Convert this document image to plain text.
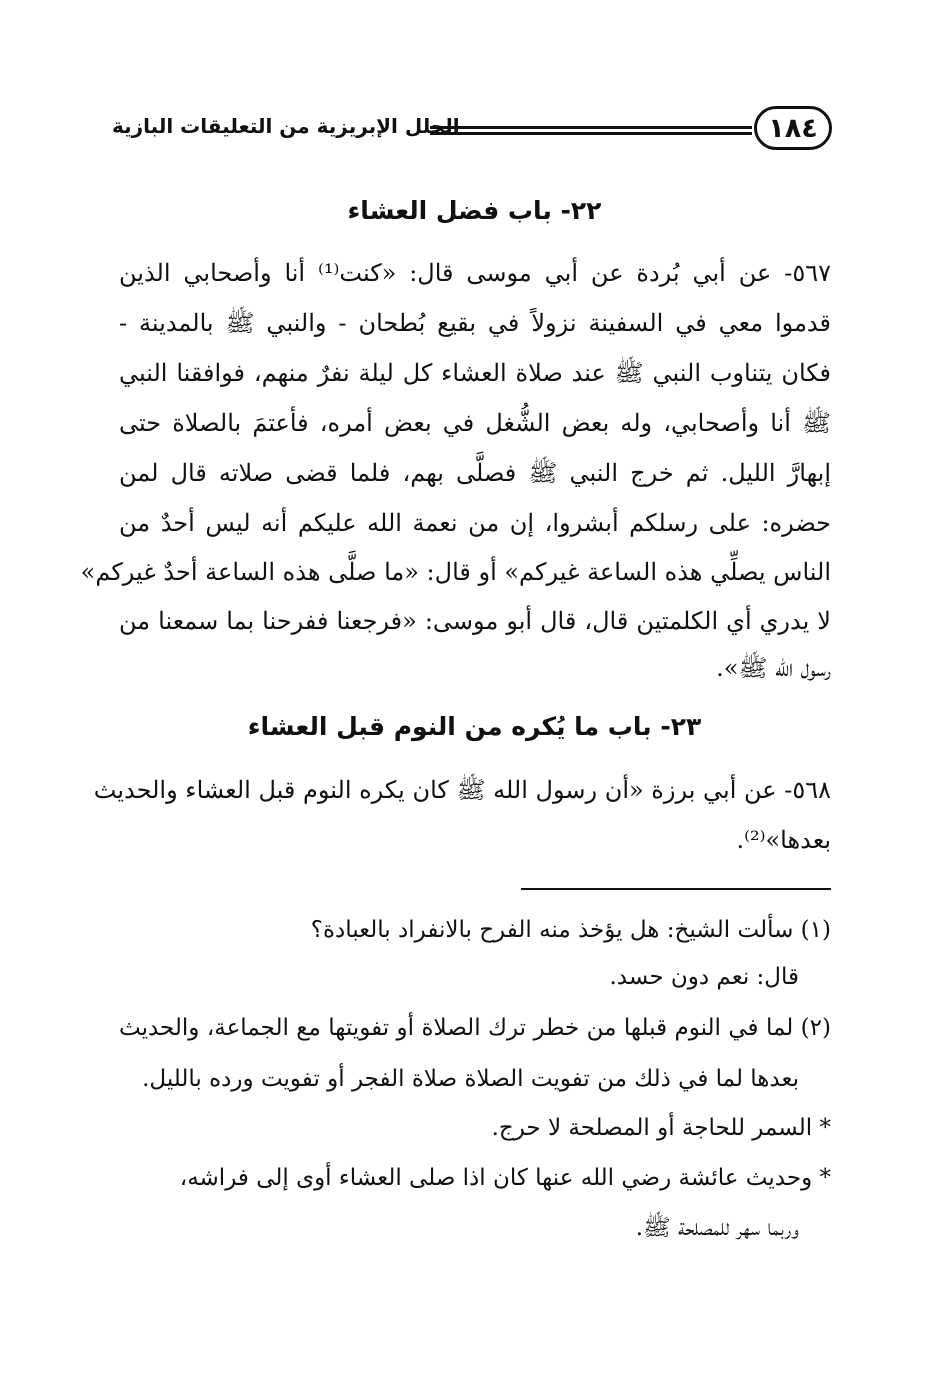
١٨٤
الحلل الإبريزية من التعليقات البازية
٢٢- باب فضل العشاء
٥٦٧- عن أبي بُردة عن أبي موسى قال: «كنت⁽¹⁾ أنا وأصحابي الذين
قدموا معي في السفينة نزولاً في بقيع بُطحان - والنبي ﷺ بالمدينة -
فكان يتناوب النبي ﷺ عند صلاة العشاء كل ليلة نفرٌ منهم، فوافقنا النبي
ﷺ أنا وأصحابي، وله بعض الشُّغل في بعض أمره، فأعتمَ بالصلاة حتى
إبهارَّ الليل. ثم خرج النبي ﷺ فصلَّى بهم، فلما قضى صلاته قال لمن
حضره: على رسلكم أبشروا، إن من نعمة الله عليكم أنه ليس أحدٌ من
الناس يصلِّي هذه الساعة غيركم» أو قال: «ما صلَّى هذه الساعة أحدٌ غيركم»
لا يدري أي الكلمتين قال، قال أبو موسى: «فرجعنا ففرحنا بما سمعنا من
رسول الله ﷺ».
٢٣- باب ما يُكره من النوم قبل العشاء
٥٦٨- عن أبي برزة «أن رسول الله ﷺ كان يكره النوم قبل العشاء والحديث
بعدها»⁽²⁾.
(١) سألت الشيخ: هل يؤخذ منه الفرح بالانفراد بالعبادة؟
قال: نعم دون حسد.
(٢) لما في النوم قبلها من خطر ترك الصلاة أو تفويتها مع الجماعة، والحديث
بعدها لما في ذلك من تفويت الصلاة صلاة الفجر أو تفويت ورده بالليل.
* السمر للحاجة أو المصلحة لا حرج.
* وحديث عائشة رضي الله عنها كان اذا صلى العشاء أوى إلى فراشه،
وربما سهر للمصلحة ﷺ.
